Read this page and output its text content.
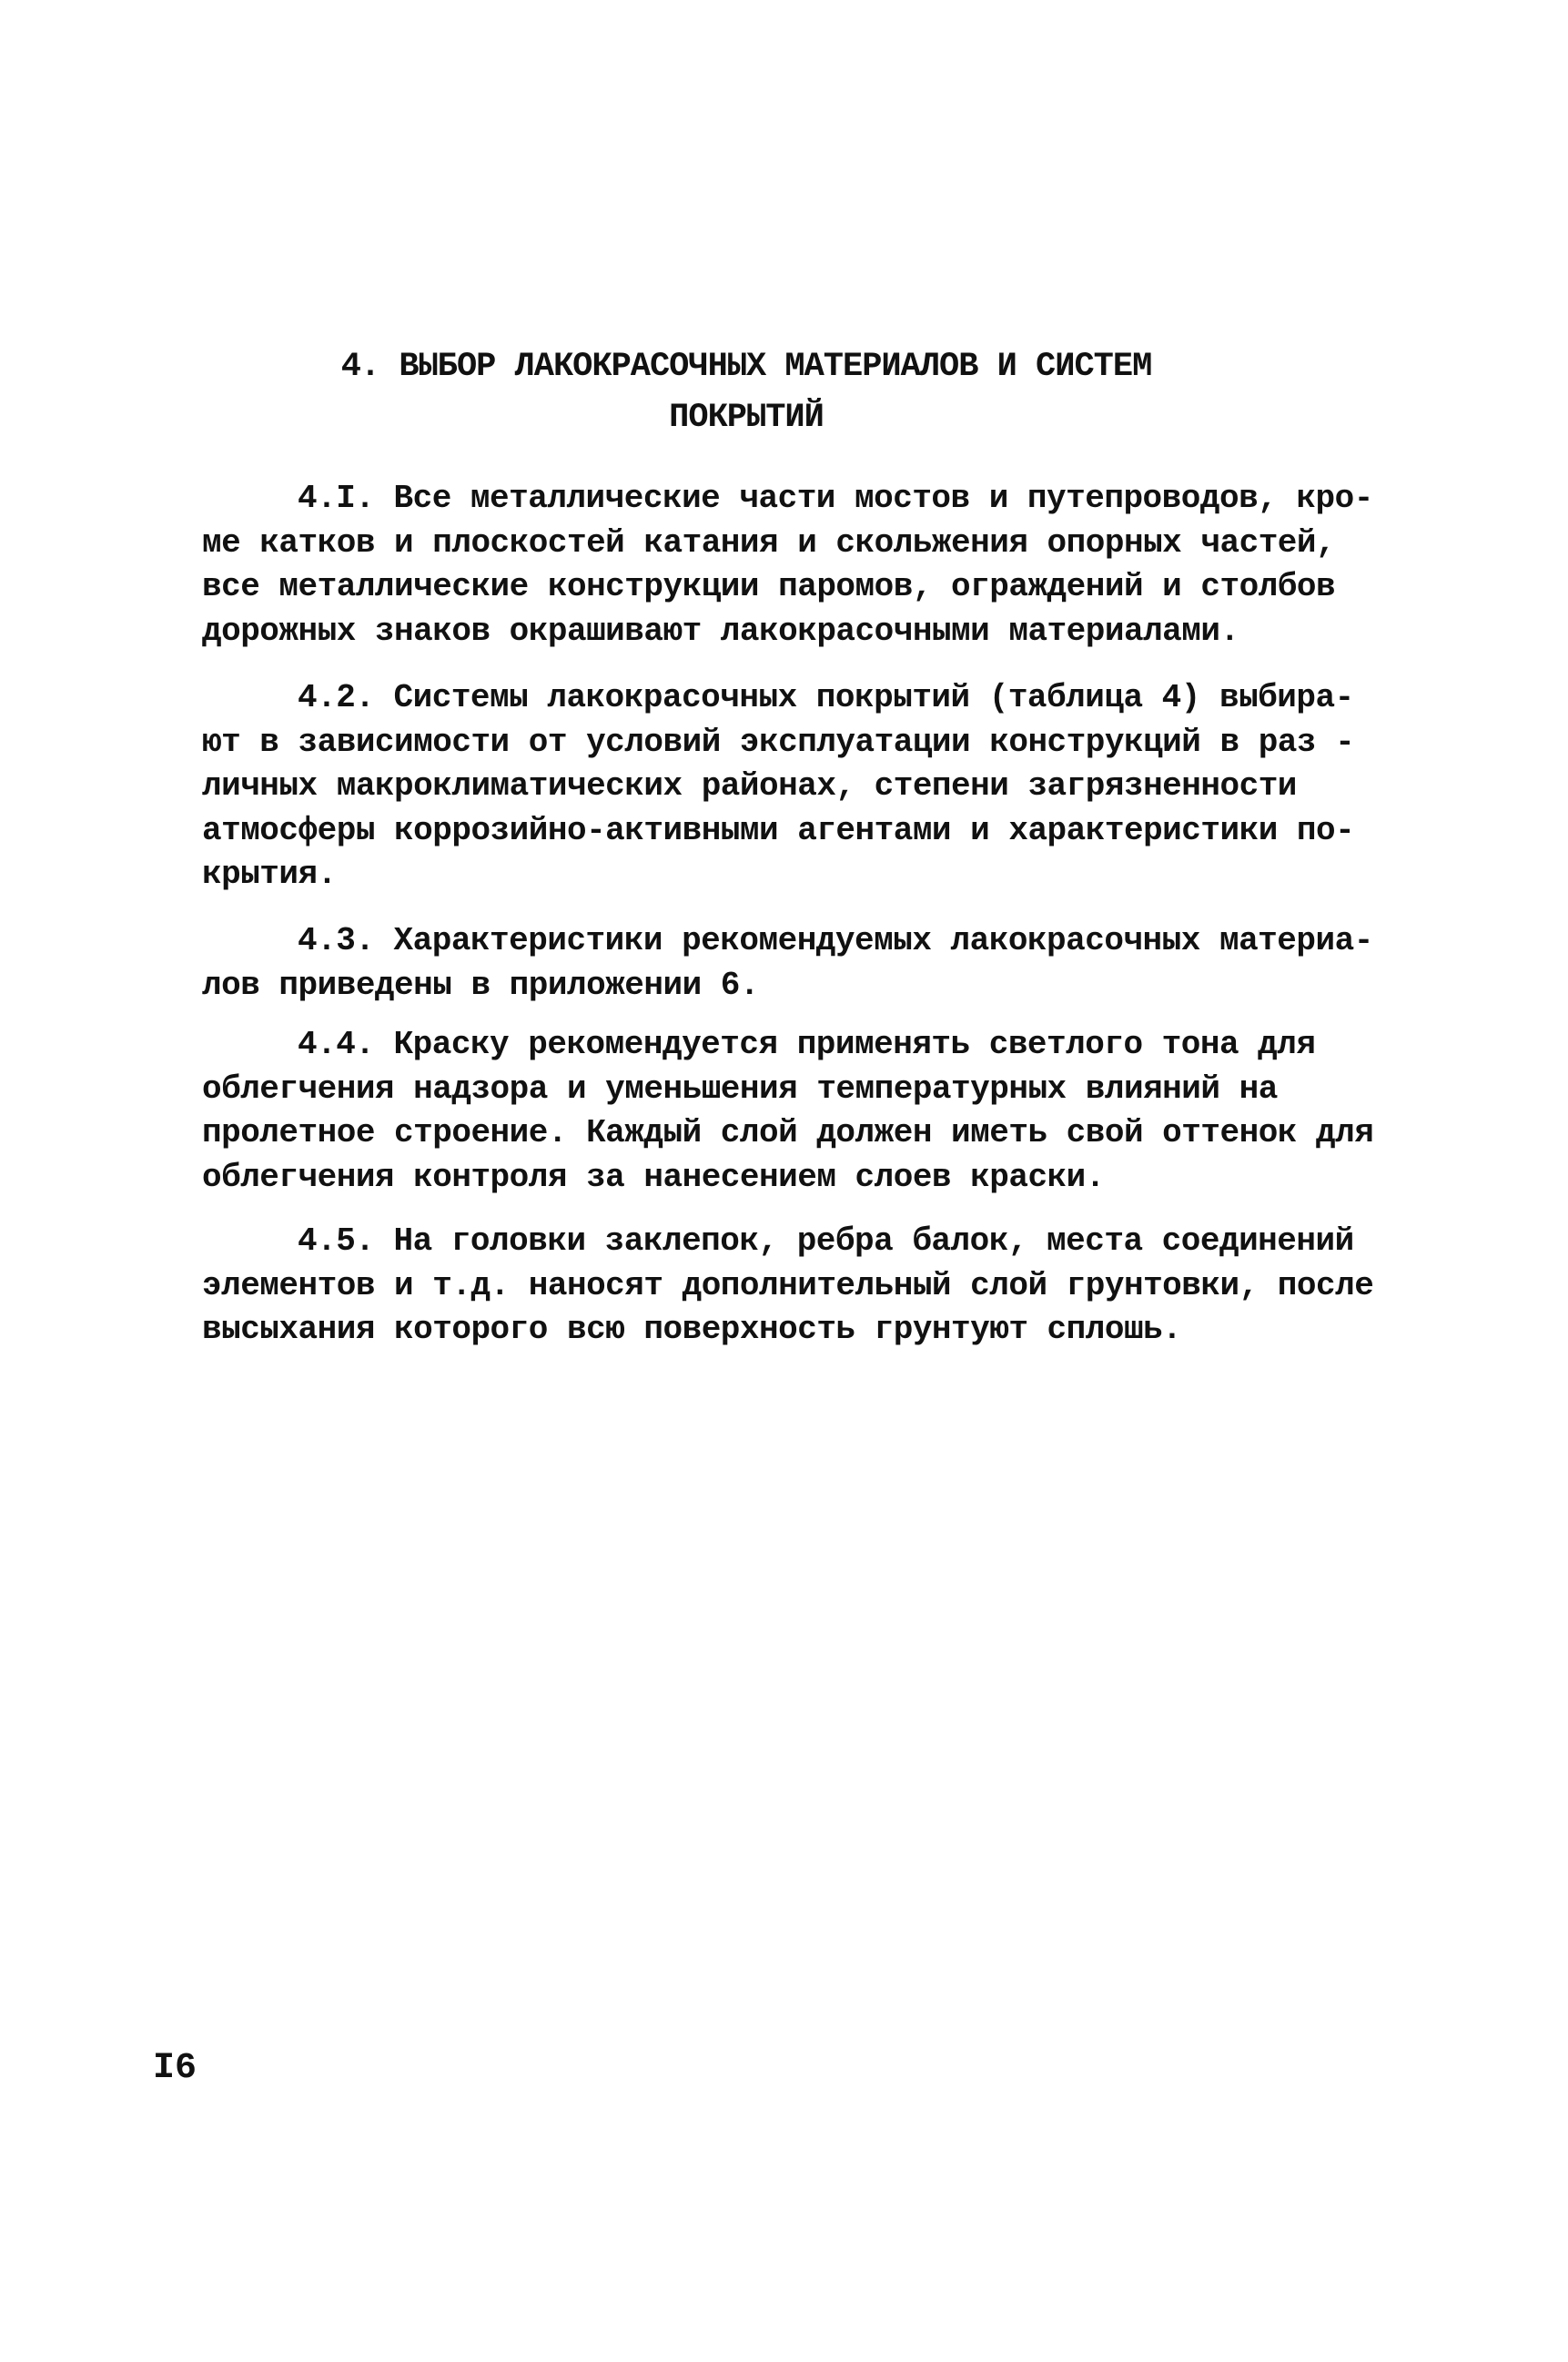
4. ВЫБОР ЛАКОКРАСОЧНЫХ МАТЕРИАЛОВ И СИСТЕМ
ПОКРЫТИЙ
4.I. Все металлические части мостов и путепроводов, кро-
ме катков и плоскостей катания и скольжения опорных частей,
все металлические конструкции паромов, ограждений и столбов
дорожных знаков окрашивают лакокрасочными материалами.
4.2. Системы лакокрасочных покрытий (таблица 4) выбира-
ют в зависимости от условий эксплуатации конструкций в раз -
личных макроклиматических районах, степени загрязненности
атмосферы коррозийно-активными агентами и характеристики по-
крытия.
4.3. Характеристики рекомендуемых лакокрасочных материа-
лов приведены в приложении 6.
4.4. Краску рекомендуется применять светлого тона для
облегчения надзора и уменьшения температурных влияний на
пролетное строение. Каждый слой должен иметь свой оттенок для
облегчения контроля за нанесением слоев краски.
4.5. На головки заклепок, ребра балок, места соединений
элементов и т.д. наносят дополнительный слой грунтовки, после
высыхания которого всю поверхность грунтуют сплошь.
I6
